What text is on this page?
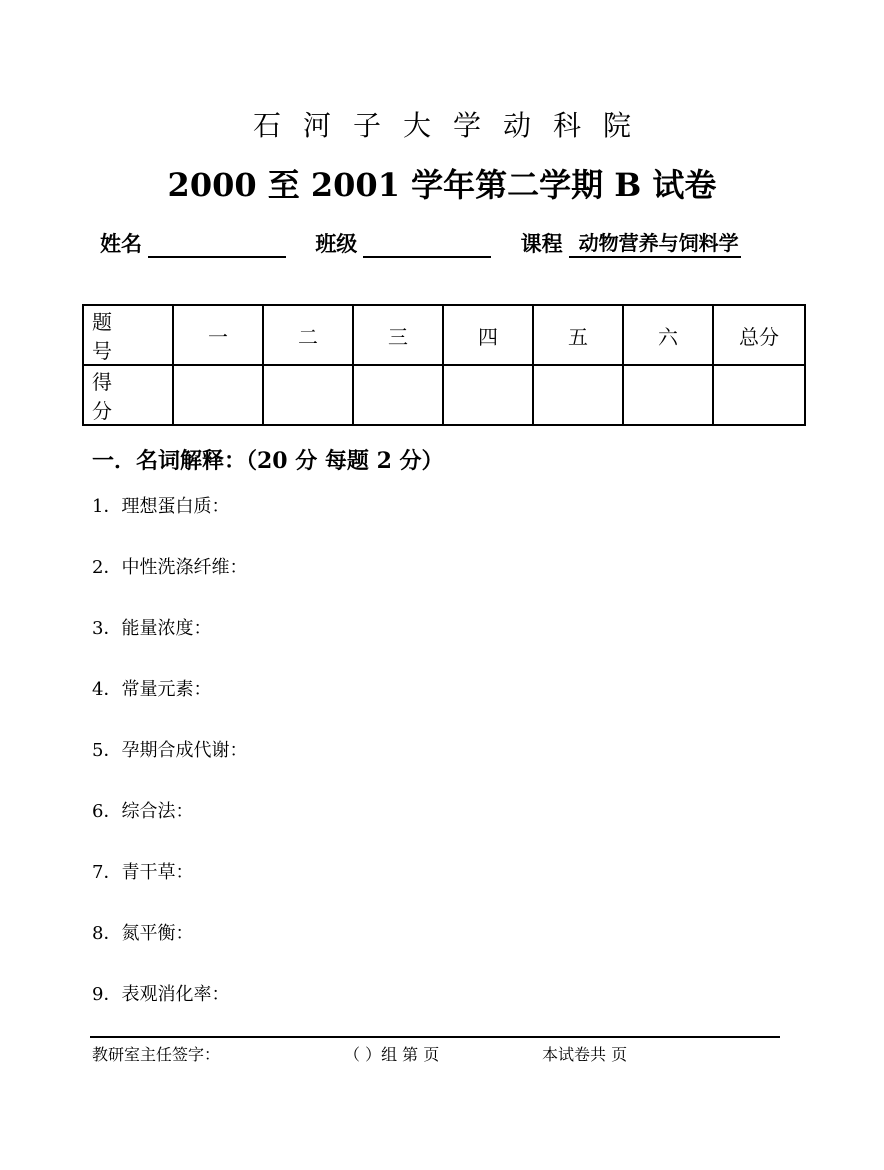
石河子大学动科院
2000 至 2001 学年第二学期 B 试卷
姓名	班级	课程 动物营养与饲料学
题 号	一	二	三	四	五	六	总分
得 分							
一．名词解释：（20 分 每题 2 分）
1．理想蛋白质：
2．中性洗涤纤维：
3．能量浓度：
4．常量元素：
5．孕期合成代谢：
6．综合法：
7．青干草：
8．氮平衡：
9．表观消化率：
教研室主任签字：	（ ）组 第 页	本试卷共 页
